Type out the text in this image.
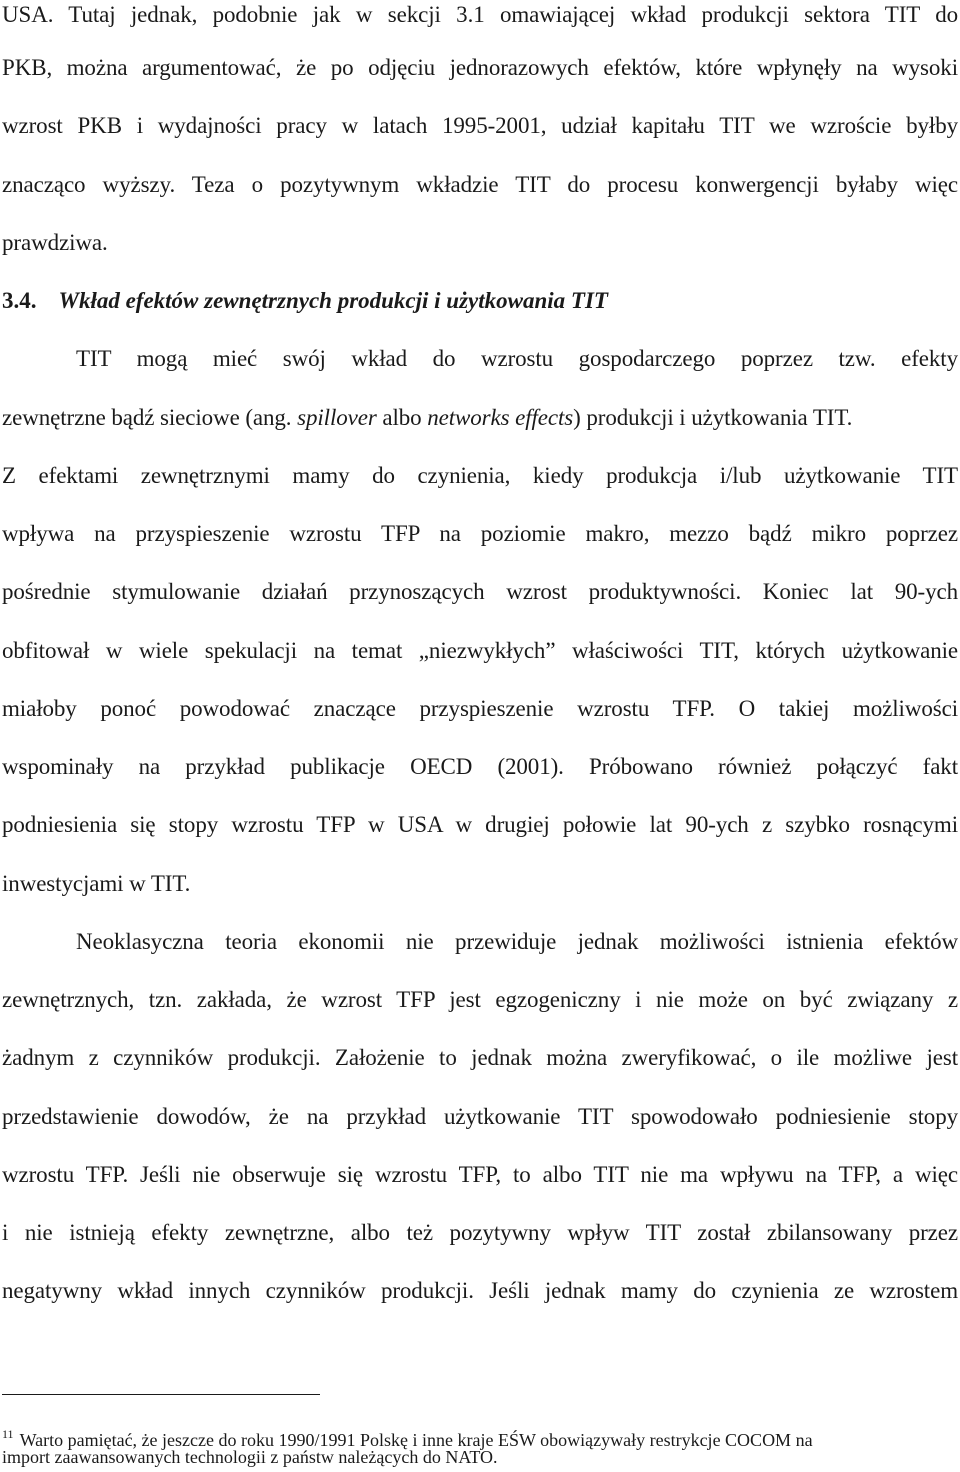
USA. Tutaj jednak, podobnie jak w sekcji 3.1 omawiającej wkład produkcji sektora TIT do
PKB, można argumentować, że po odjęciu jednorazowych efektów, które wpłynęły na wysoki
wzrost PKB i wydajności pracy w latach 1995-2001, udział kapitału TIT we wzroście byłby
znacząco wyższy. Teza o pozytywnym wkładzie TIT do procesu konwergencji byłaby więc
prawdziwa.
3.4. Wkład efektów zewnętrznych produkcji i użytkowania TIT
TIT mogą mieć swój wkład do wzrostu gospodarczego poprzez tzw. efekty
zewnętrzne bądź sieciowe (ang. spillover albo networks effects) produkcji i użytkowania TIT.
Z efektami zewnętrznymi mamy do czynienia, kiedy produkcja i/lub użytkowanie TIT
wpływa na przyspieszenie wzrostu TFP na poziomie makro, mezzo bądź mikro poprzez
pośrednie stymulowanie działań przynoszących wzrost produktywności. Koniec lat 90-ych
obfitował w wiele spekulacji na temat „niezwykłych” właściwości TIT, których użytkowanie
miałoby ponoć powodować znaczące przyspieszenie wzrostu TFP. O takiej możliwości
wspominały na przykład publikacje OECD (2001). Próbowano również połączyć fakt
podniesienia się stopy wzrostu TFP w USA w drugiej połowie lat 90-ych z szybko rosnącymi
inwestycjami w TIT.
Neoklasyczna teoria ekonomii nie przewiduje jednak możliwości istnienia efektów
zewnętrznych, tzn. zakłada, że wzrost TFP jest egzogeniczny i nie może on być związany z
żadnym z czynników produkcji. Założenie to jednak można zweryfikować, o ile możliwe jest
przedstawienie dowodów, że na przykład użytkowanie TIT spowodowało podniesienie stopy
wzrostu TFP. Jeśli nie obserwuje się wzrostu TFP, to albo TIT nie ma wpływu na TFP, a więc
i nie istnieją efekty zewnętrzne, albo też pozytywny wpływ TIT został zbilansowany przez
negatywny wkład innych czynników produkcji. Jeśli jednak mamy do czynienia ze wzrostem
$^{11}$ Warto pamiętać, że jeszcze do roku 1990/1991 Polskę i inne kraje EŚW obowiązywały restrykcje COCOM na
import zaawansowanych technologii z państw należących do NATO.
